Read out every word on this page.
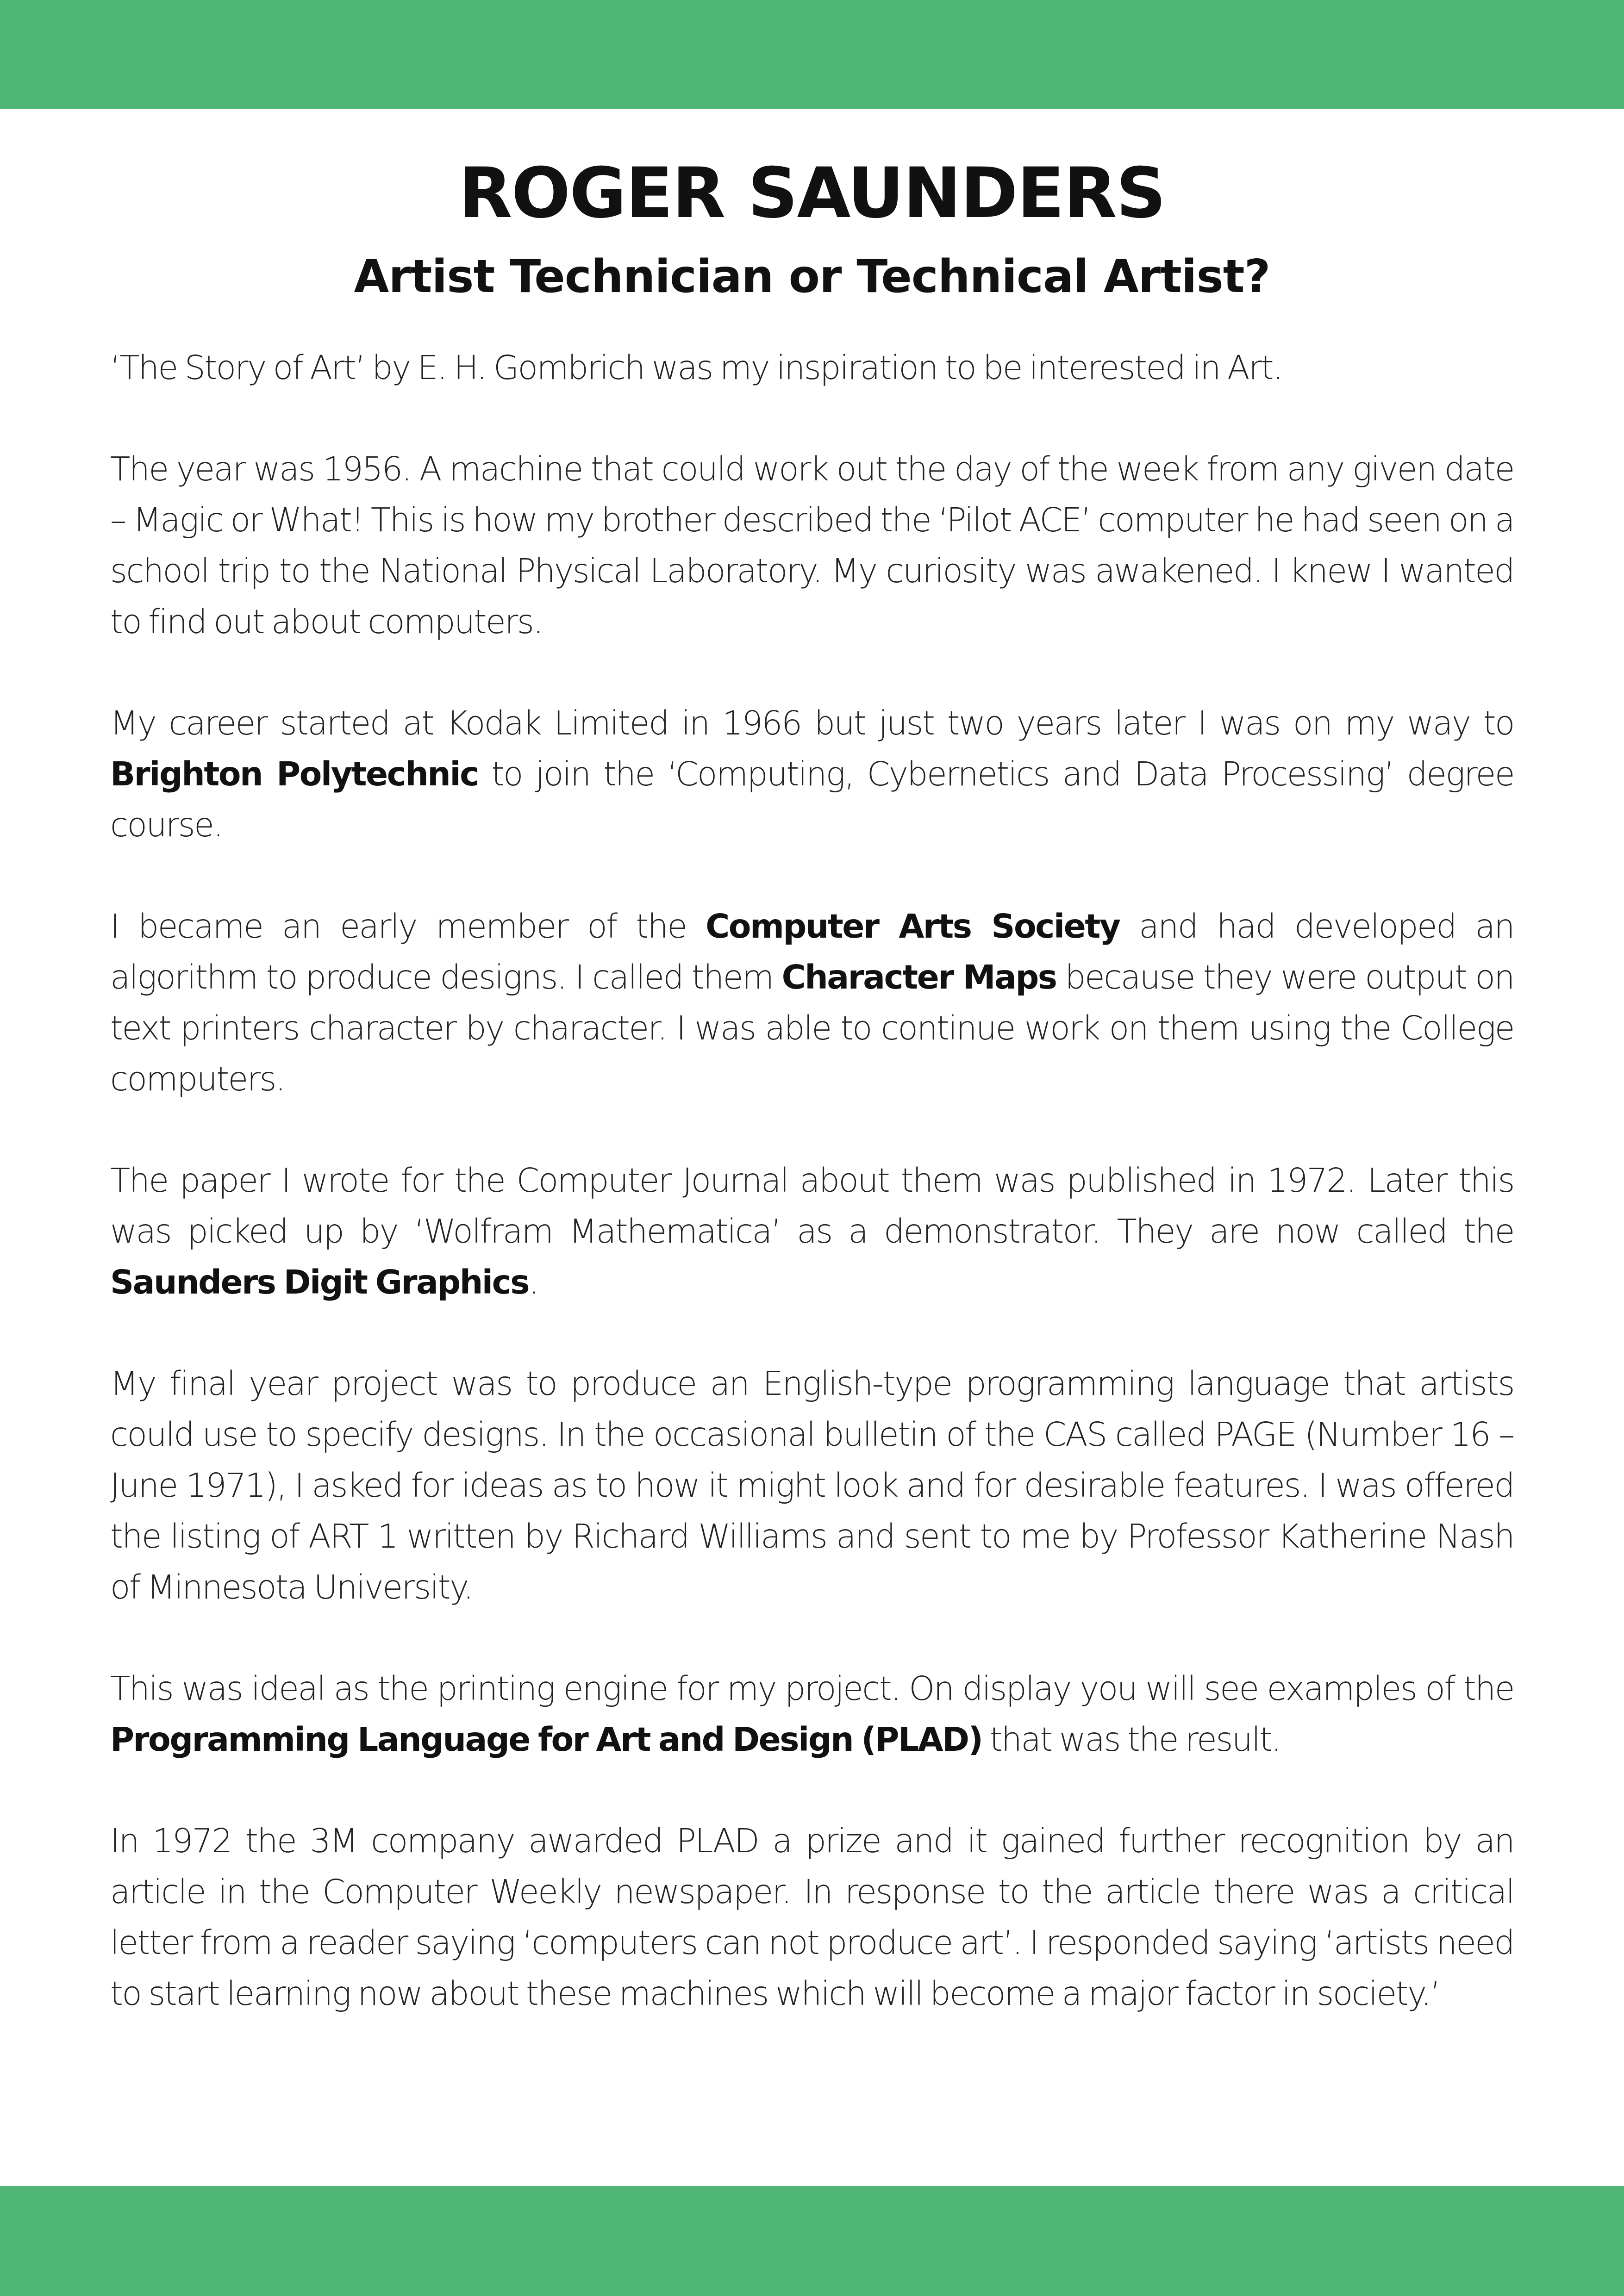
ROGER SAUNDERS
Artist Technician or Technical Artist?

‘The Story of Art’ by E. H. Gombrich was my inspiration to be interested in Art.

The year was 1956. A machine that could work out the day of the week from any given date – Magic or What! This is how my brother described the ‘Pilot ACE’ computer he had seen on a school trip to the National Physical Laboratory. My curiosity was awakened. I knew I wanted to find out about computers.

My career started at Kodak Limited in 1966 but just two years later I was on my way to Brighton Polytechnic to join the ‘Computing, Cybernetics and Data Processing’ degree course.

I became an early member of the Computer Arts Society and had developed an algorithm to produce designs. I called them Character Maps because they were output on text printers character by character. I was able to continue work on them using the College computers.

The paper I wrote for the Computer Journal about them was published in 1972. Later this was picked up by ‘Wolfram Mathematica’ as a demonstrator. They are now called the Saunders Digit Graphics.

My final year project was to produce an English-type programming language that artists could use to specify designs. In the occasional bulletin of the CAS called PAGE (Number 16 – June 1971), I asked for ideas as to how it might look and for desirable features. I was offered the listing of ART 1 written by Richard Williams and sent to me by Professor Katherine Nash of Minnesota University.

This was ideal as the printing engine for my project. On display you will see examples of the Programming Language for Art and Design (PLAD) that was the result.

In 1972 the 3M company awarded PLAD a prize and it gained further recognition by an article in the Computer Weekly newspaper. In response to the article there was a critical letter from a reader saying ‘computers can not produce art’. I responded saying ‘artists need to start learning now about these machines which will become a major factor in society.’
